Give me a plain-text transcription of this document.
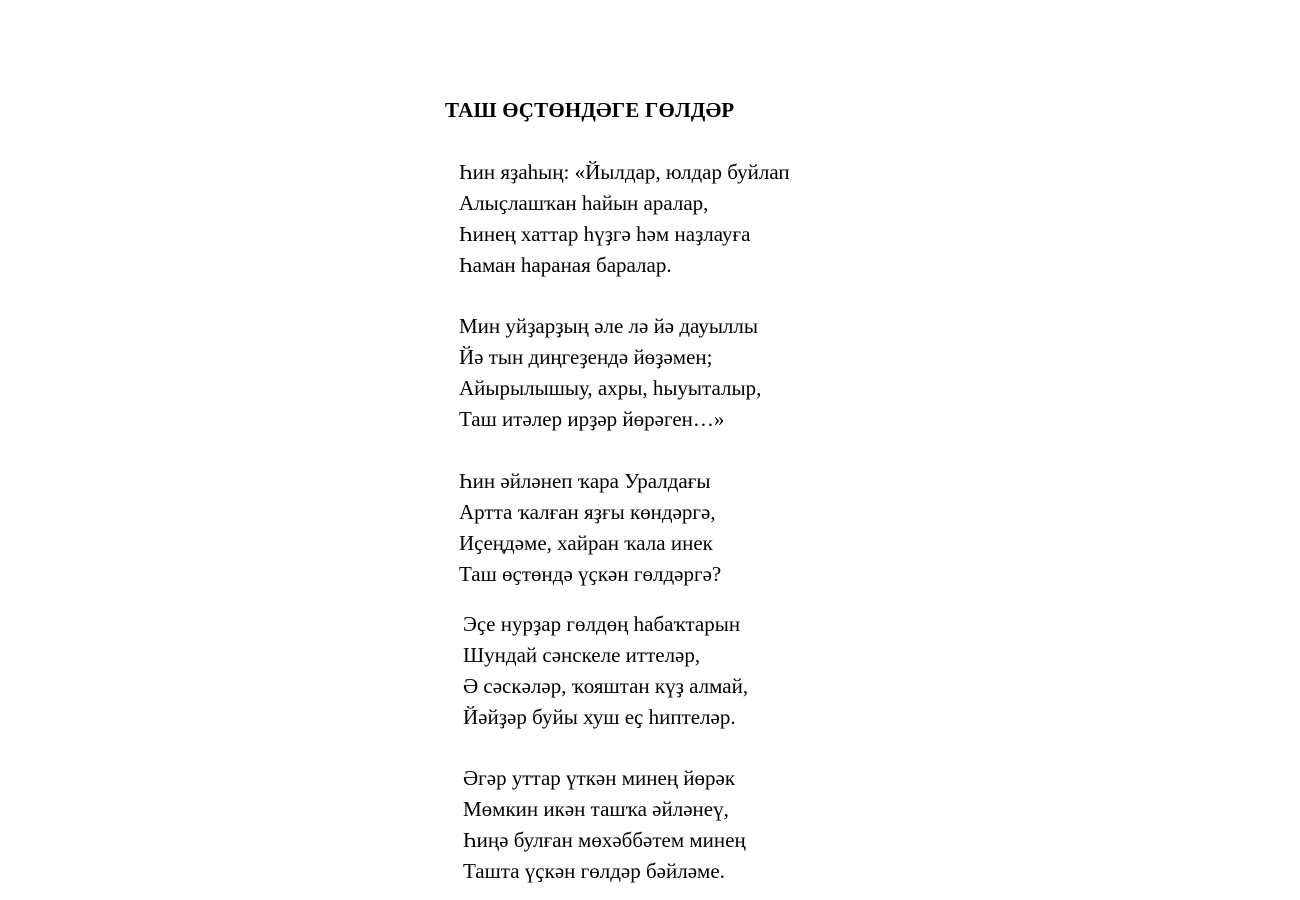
ТАШ ӨҪТӨНДӘГЕ ГӨЛДӘР
Һин яҙаһың: «Йылдар, юлдар буйлап
Алыҫлашҡан һайын аралар,
Һинең хаттар һүҙгә һәм наҙлауға
Һаман һараная баралар.
Мин уйҙарҙың әле лә йә дауыллы
Йә тын диңгеҙендә йөҙәмен;
Айырылышыу, ахры, һыуыталыр,
Таш итәлер ирҙәр йөрәген…»
Һин әйләнеп ҡара Уралдағы
Артта ҡалған яҙғы көндәргә,
Иҫеңдәме, хайран ҡала инек
Таш өҫтөндә үҫкән гөлдәргә?
Эҫе нурҙар гөлдөң һабаҡтарын
Шундай сәнскеле иттеләр,
Ә сәскәләр, ҡояштан күҙ алмай,
Йәйҙәр буйы хуш еҫ һиптеләр.
Әгәр уттар үткән минең йөрәк
Мөмкин икән ташҡа әйләнеү,
Һиңә булған мөхәббәтем минең
Ташта үҫкән гөлдәр бәйләме.
